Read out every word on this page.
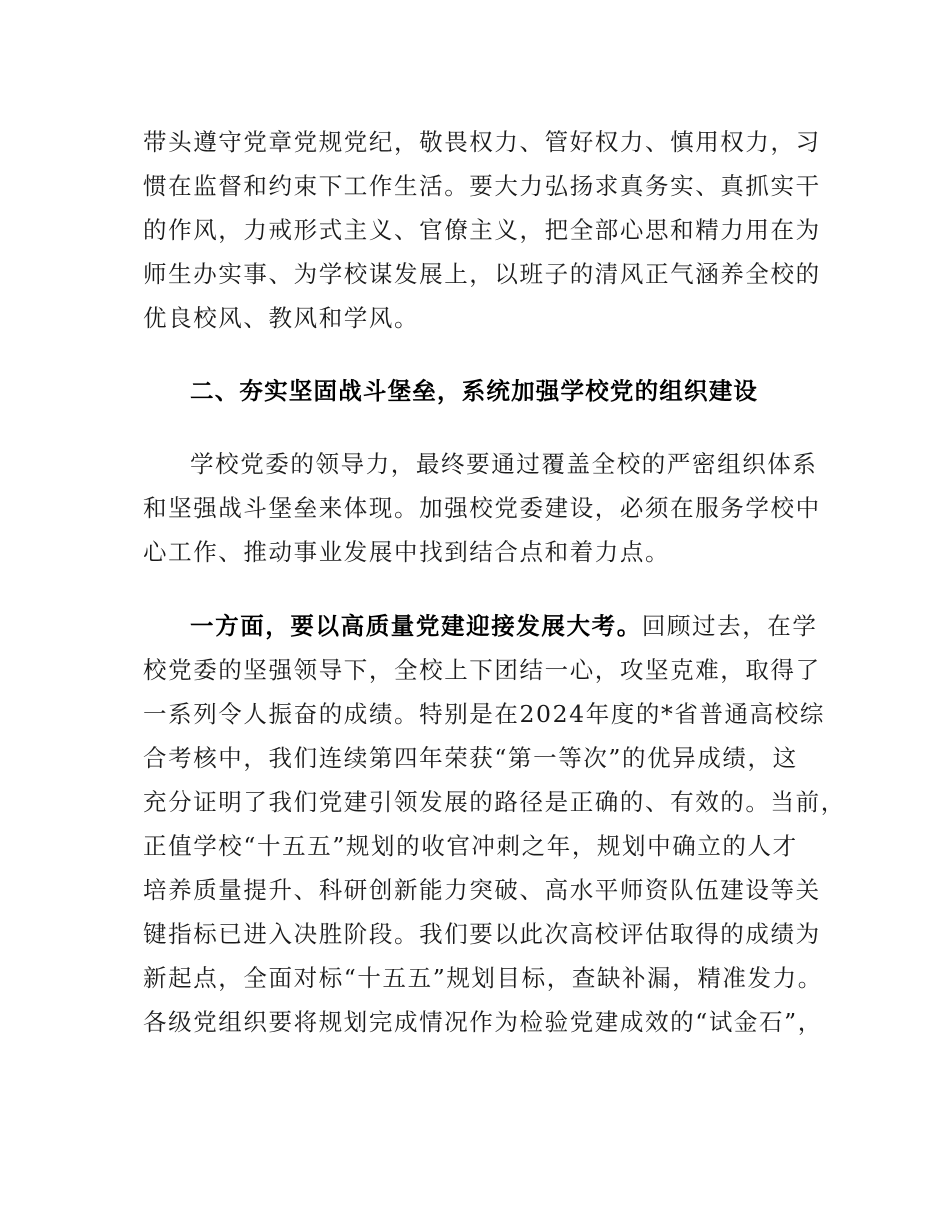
带头遵守党章党规党纪，敬畏权力、管好权力、慎用权力，习
惯在监督和约束下工作生活。要大力弘扬求真务实、真抓实干
的作风，力戒形式主义、官僚主义，把全部心思和精力用在为
师生办实事、为学校谋发展上，以班子的清风正气涵养全校的
优良校风、教风和学风。
二、夯实坚固战斗堡垒，系统加强学校党的组织建设
学校党委的领导力，最终要通过覆盖全校的严密组织体系
和坚强战斗堡垒来体现。加强校党委建设，必须在服务学校中
心工作、推动事业发展中找到结合点和着力点。
一方面，要以高质量党建迎接发展大考。回顾过去，在学
校党委的坚强领导下，全校上下团结一心，攻坚克难，取得了
一系列令人振奋的成绩。特别是在2024年度的*省普通高校综
合考核中，我们连续第四年荣获“第一等次”的优异成绩，这
充分证明了我们党建引领发展的路径是正确的、有效的。当前，
正值学校“十五五”规划的收官冲刺之年，规划中确立的人才
培养质量提升、科研创新能力突破、高水平师资队伍建设等关
键指标已进入决胜阶段。我们要以此次高校评估取得的成绩为
新起点，全面对标“十五五”规划目标，查缺补漏，精准发力。
各级党组织要将规划完成情况作为检验党建成效的“试金石”，
